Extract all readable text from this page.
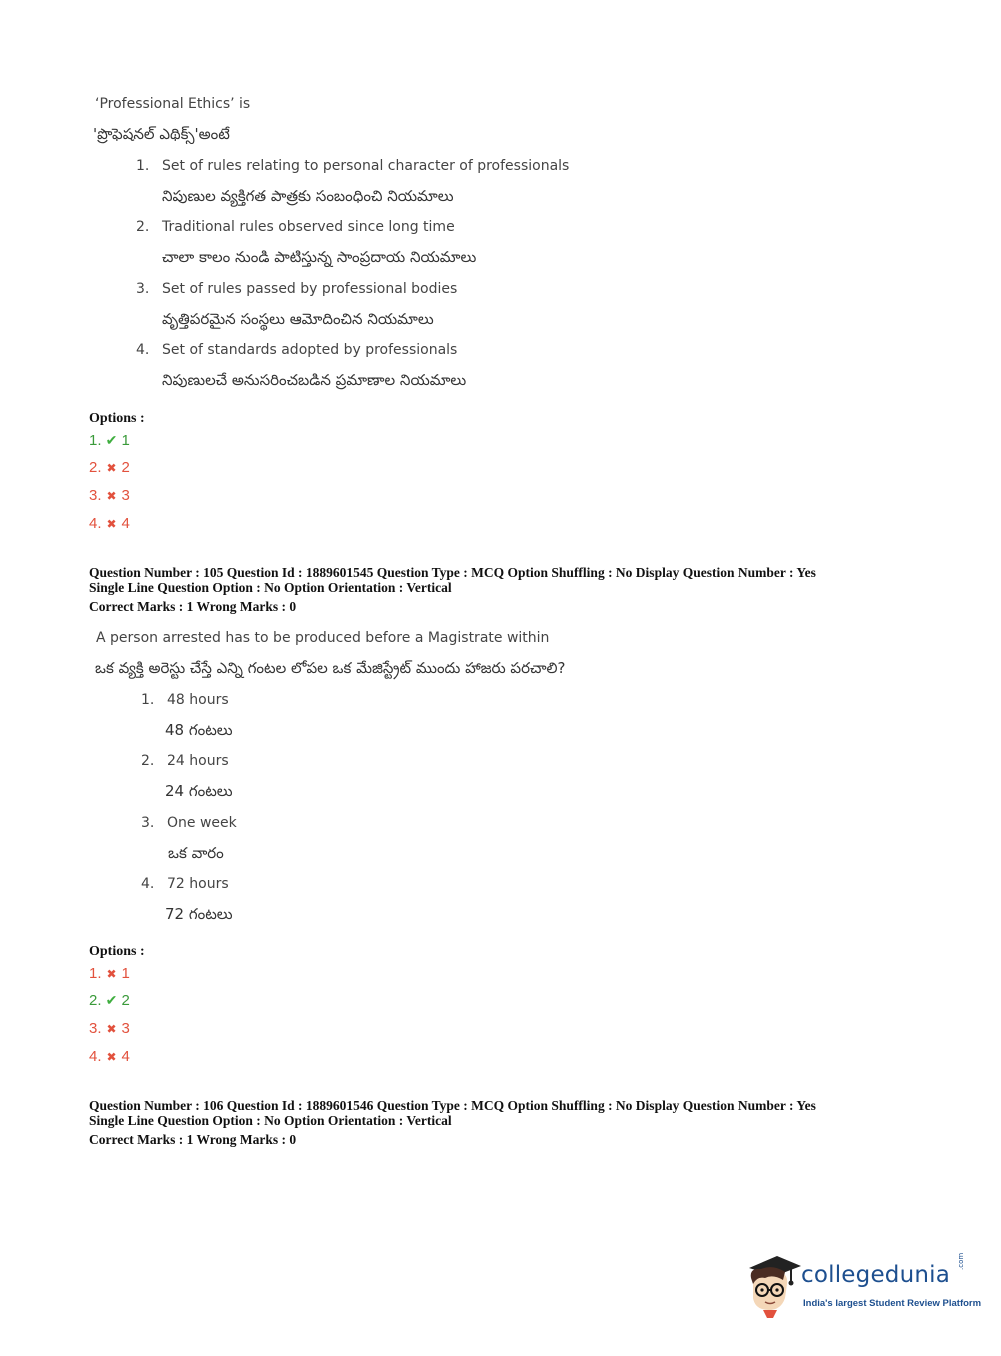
‘Professional Ethics’ is
'ప్రొఫెషనల్ ఎథిక్స్'అంటే
1. Set of rules relating to personal character of professionals
నిపుణుల వ్యక్తిగత పాత్రకు సంబంధించి నియమాలు
2. Traditional rules observed since long time
చాలా కాలం నుండి పాటిస్తున్న సాంప్రదాయ నియమాలు
3. Set of rules passed by professional bodies
వృత్తిపరమైన సంస్థలు ఆమోదించిన నియమాలు
4. Set of standards adopted by professionals
నిపుణులచే అనుసరించబడిన ప్రమాణాల నియమాలు
Options :
1. ✔ 1
2. ✖ 2
3. ✖ 3
4. ✖ 4
Question Number : 105 Question Id : 1889601545 Question Type : MCQ Option Shuffling : No Display Question Number : Yes
Single Line Question Option : No Option Orientation : Vertical
Correct Marks : 1 Wrong Marks : 0
A person arrested has to be produced before a Magistrate within
ఒక వ్యక్తి అరెస్టు చేస్తే ఎన్ని గంటల లోపల ఒక మేజిస్ట్రేట్ ముందు హాజరు పరచాలి?
1. 48 hours
48 గంటలు
2. 24 hours
24 గంటలు
3. One week
ఒక వారం
4. 72 hours
72 గంటలు
Options :
1. ✖ 1
2. ✔ 2
3. ✖ 3
4. ✖ 4
Question Number : 106 Question Id : 1889601546 Question Type : MCQ Option Shuffling : No Display Question Number : Yes
Single Line Question Option : No Option Orientation : Vertical
Correct Marks : 1 Wrong Marks : 0
collegedunia
.com
India's largest Student Review Platform
